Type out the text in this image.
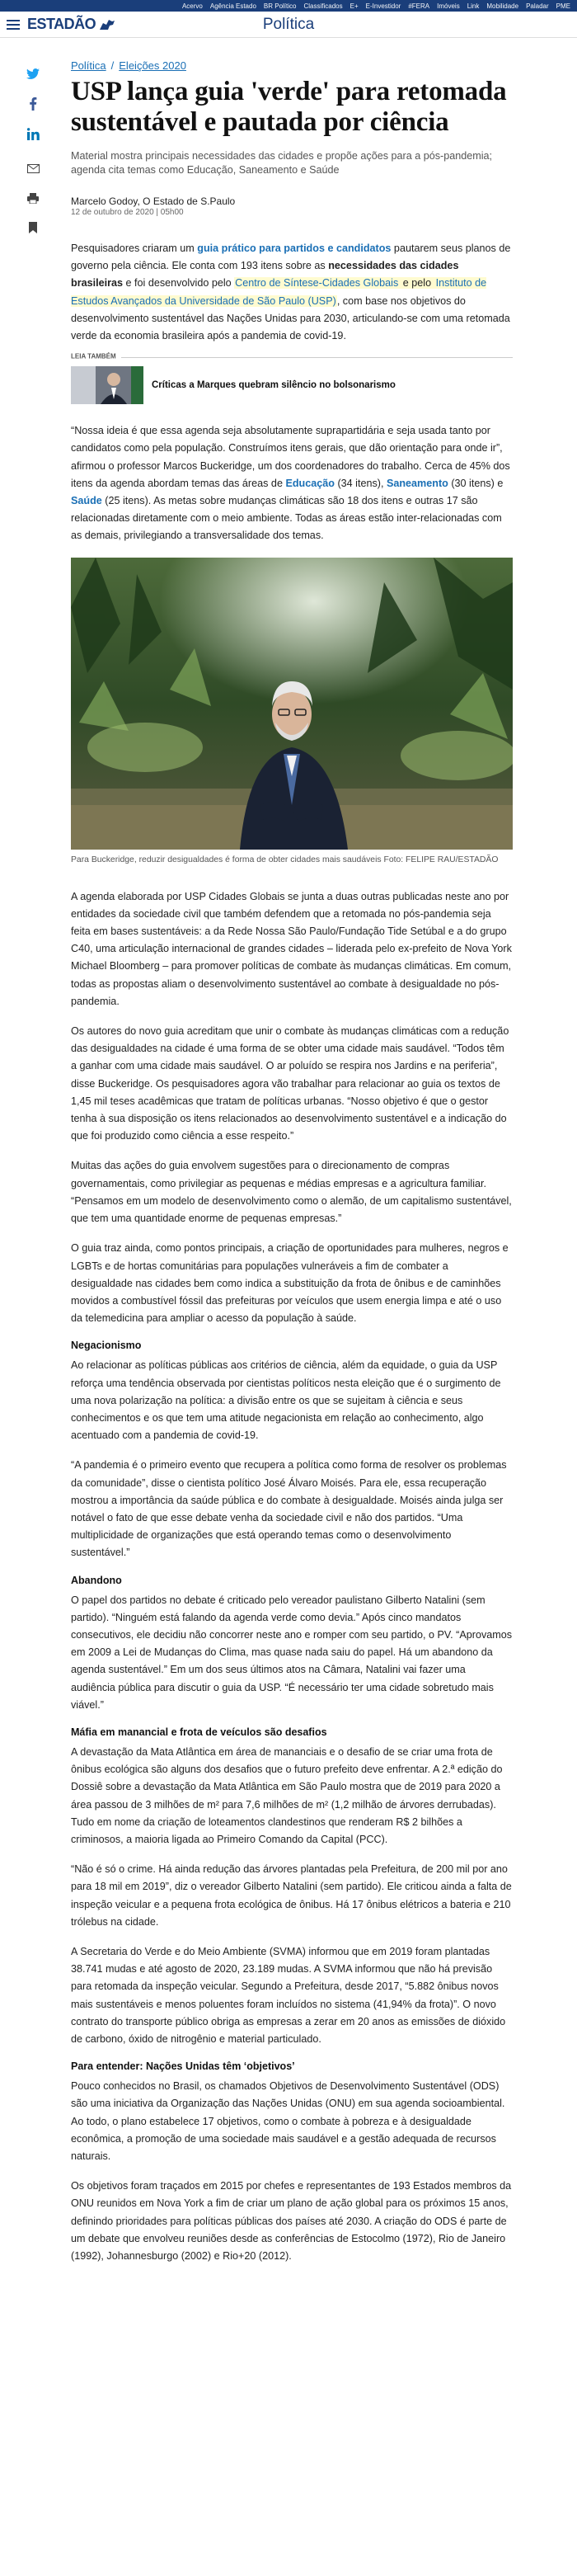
Acervo Agência Estado BR Político Classificados E+ E-Investidor #FERA Imóveis Link Mobilidade Paladar PME
ESTADÃO	Política
Política / Eleições 2020
USP lança guia 'verde' para retomada sustentável e pautada por ciência
Material mostra principais necessidades das cidades e propõe ações para a pós-pandemia; agenda cita temas como Educação, Saneamento e Saúde
Marcelo Godoy, O Estado de S.Paulo
12 de outubro de 2020 | 05h00

Pesquisadores criaram um guia prático para partidos e candidatos pautarem seus planos de governo pela ciência. Ele conta com 193 itens sobre as necessidades das cidades brasileiras e foi desenvolvido pelo Centro de Síntese-Cidades Globais e pelo Instituto de Estudos Avançados da Universidade de São Paulo (USP), com base nos objetivos do desenvolvimento sustentável das Nações Unidas para 2030, articulando-se com uma retomada verde da economia brasileira após a pandemia de covid-19.

LEIA TAMBÉM
Críticas a Marques quebram silêncio no bolsonarismo

“Nossa ideia é que essa agenda seja absolutamente suprapartidária e seja usada tanto por candidatos como pela população. Construímos itens gerais, que dão orientação para onde ir”, afirmou o professor Marcos Buckeridge, um dos coordenadores do trabalho. Cerca de 45% dos itens da agenda abordam temas das áreas de Educação (34 itens), Saneamento (30 itens) e Saúde (25 itens). As metas sobre mudanças climáticas são 18 dos itens e outras 17 são relacionadas diretamente com o meio ambiente. Todas as áreas estão inter-relacionadas com as demais, privilegiando a transversalidade dos temas.

Para Buckeridge, reduzir desigualdades é forma de obter cidades mais saudáveis Foto: FELIPE RAU/ESTADÃO

A agenda elaborada por USP Cidades Globais se junta a duas outras publicadas neste ano por entidades da sociedade civil que também defendem que a retomada no pós-pandemia seja feita em bases sustentáveis: a da Rede Nossa São Paulo/Fundação Tide Setúbal e a do grupo C40, uma articulação internacional de grandes cidades – liderada pelo ex-prefeito de Nova York Michael Bloomberg – para promover políticas de combate às mudanças climáticas. Em comum, todas as propostas aliam o desenvolvimento sustentável ao combate à desigualdade no pós-pandemia.

Os autores do novo guia acreditam que unir o combate às mudanças climáticas com a redução das desigualdades na cidade é uma forma de se obter uma cidade mais saudável. “Todos têm a ganhar com uma cidade mais saudável. O ar poluído se respira nos Jardins e na periferia”, disse Buckeridge. Os pesquisadores agora vão trabalhar para relacionar ao guia os textos de 1,45 mil teses acadêmicas que tratam de políticas urbanas. “Nosso objetivo é que o gestor tenha à sua disposição os itens relacionados ao desenvolvimento sustentável e a indicação do que foi produzido como ciência a esse respeito.”

Muitas das ações do guia envolvem sugestões para o direcionamento de compras governamentais, como privilegiar as pequenas e médias empresas e a agricultura familiar. “Pensamos em um modelo de desenvolvimento como o alemão, de um capitalismo sustentável, que tem uma quantidade enorme de pequenas empresas.”

O guia traz ainda, como pontos principais, a criação de oportunidades para mulheres, negros e LGBTs e de hortas comunitárias para populações vulneráveis a fim de combater a desigualdade nas cidades bem como indica a substituição da frota de ônibus e de caminhões movidos a combustível fóssil das prefeituras por veículos que usem energia limpa e até o uso da telemedicina para ampliar o acesso da população à saúde.

Negacionismo

Ao relacionar as políticas públicas aos critérios de ciência, além da equidade, o guia da USP reforça uma tendência observada por cientistas políticos nesta eleição que é o surgimento de uma nova polarização na política: a divisão entre os que se sujeitam à ciência e seus conhecimentos e os que tem uma atitude negacionista em relação ao conhecimento, algo acentuado com a pandemia de covid-19.

“A pandemia é o primeiro evento que recupera a política como forma de resolver os problemas da comunidade”, disse o cientista político José Álvaro Moisés. Para ele, essa recuperação mostrou a importância da saúde pública e do combate à desigualdade. Moisés ainda julga ser notável o fato de que esse debate venha da sociedade civil e não dos partidos. “Uma multiplicidade de organizações que está operando temas como o desenvolvimento sustentável.”

Abandono

O papel dos partidos no debate é criticado pelo vereador paulistano Gilberto Natalini (sem partido). “Ninguém está falando da agenda verde como devia.” Após cinco mandatos consecutivos, ele decidiu não concorrer neste ano e romper com seu partido, o PV. “Aprovamos em 2009 a Lei de Mudanças do Clima, mas quase nada saiu do papel. Há um abandono da agenda sustentável.” Em um dos seus últimos atos na Câmara, Natalini vai fazer uma audiência pública para discutir o guia da USP. “É necessário ter uma cidade sobretudo mais viável.”

Máfia em manancial e frota de veículos são desafios

A devastação da Mata Atlântica em área de mananciais e o desafio de se criar uma frota de ônibus ecológica são alguns dos desafios que o futuro prefeito deve enfrentar. A 2.ª edição do Dossiê sobre a devastação da Mata Atlântica em São Paulo mostra que de 2019 para 2020 a área passou de 3 milhões de m² para 7,6 milhões de m² (1,2 milhão de árvores derrubadas). Tudo em nome da criação de loteamentos clandestinos que renderam R$ 2 bilhões a criminosos, a maioria ligada ao Primeiro Comando da Capital (PCC).

“Não é só o crime. Há ainda redução das árvores plantadas pela Prefeitura, de 200 mil por ano para 18 mil em 2019”, diz o vereador Gilberto Natalini (sem partido). Ele criticou ainda a falta de inspeção veicular e a pequena frota ecológica de ônibus. Há 17 ônibus elétricos a bateria e 210 trólebus na cidade.

A Secretaria do Verde e do Meio Ambiente (SVMA) informou que em 2019 foram plantadas 38.741 mudas e até agosto de 2020, 23.189 mudas. A SVMA informou que não há previsão para retomada da inspeção veicular. Segundo a Prefeitura, desde 2017, “5.882 ônibus novos mais sustentáveis e menos poluentes foram incluídos no sistema (41,94% da frota)”. O novo contrato do transporte público obriga as empresas a zerar em 20 anos as emissões de dióxido de carbono, óxido de nitrogênio e material particulado.

Para entender: Nações Unidas têm ‘objetivos’

Pouco conhecidos no Brasil, os chamados Objetivos de Desenvolvimento Sustentável (ODS) são uma iniciativa da Organização das Nações Unidas (ONU) em sua agenda socioambiental. Ao todo, o plano estabelece 17 objetivos, como o combate à pobreza e à desigualdade econômica, a promoção de uma sociedade mais saudável e a gestão adequada de recursos naturais.

Os objetivos foram traçados em 2015 por chefes e representantes de 193 Estados membros da ONU reunidos em Nova York a fim de criar um plano de ação global para os próximos 15 anos, definindo prioridades para políticas públicas dos países até 2030. A criação do ODS é parte de um debate que envolveu reuniões desde as conferências de Estocolmo (1972), Rio de Janeiro (1992), Johannesburgo (2002) e Rio+20 (2012).
